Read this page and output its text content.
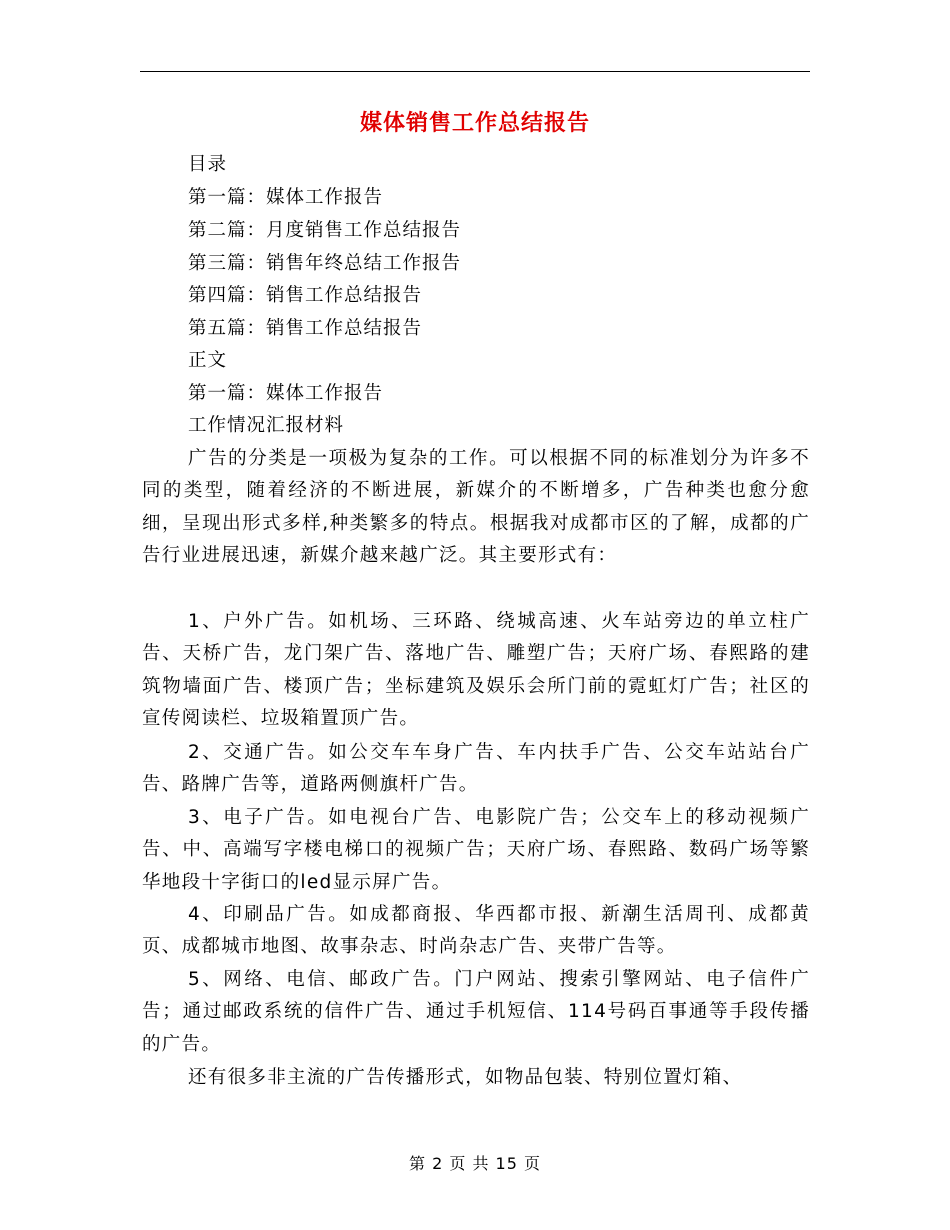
媒体销售工作总结报告
目录
第一篇：媒体工作报告
第二篇：月度销售工作总结报告
第三篇：销售年终总结工作报告
第四篇：销售工作总结报告
第五篇：销售工作总结报告
正文
第一篇：媒体工作报告
工作情况汇报材料

广告的分类是一项极为复杂的工作。可以根据不同的标准划分为许多不同的类型，随着经济的不断进展，新媒介的不断增多，广告种类也愈分愈细，呈现出形式多样,种类繁多的特点。根据我对成都市区的了解，成都的广告行业进展迅速，新媒介越来越广泛。其主要形式有：

1、户外广告。如机场、三环路、绕城高速、火车站旁边的单立柱广告、天桥广告，龙门架广告、落地广告、雕塑广告；天府广场、春熙路的建筑物墙面广告、楼顶广告；坐标建筑及娱乐会所门前的霓虹灯广告；社区的宣传阅读栏、垃圾箱置顶广告。

2、交通广告。如公交车车身广告、车内扶手广告、公交车站站台广告、路牌广告等，道路两侧旗杆广告。

3、电子广告。如电视台广告、电影院广告；公交车上的移动视频广告、中、高端写字楼电梯口的视频广告；天府广场、春熙路、数码广场等繁华地段十字街口的led显示屏广告。

4、印刷品广告。如成都商报、华西都市报、新潮生活周刊、成都黄页、成都城市地图、故事杂志、时尚杂志广告、夹带广告等。

5、网络、电信、邮政广告。门户网站、搜索引擎网站、电子信件广告；通过邮政系统的信件广告、通过手机短信、114号码百事通等手段传播的广告。

还有很多非主流的广告传播形式，如物品包装、特别位置灯箱、

第 2 页 共 15 页
